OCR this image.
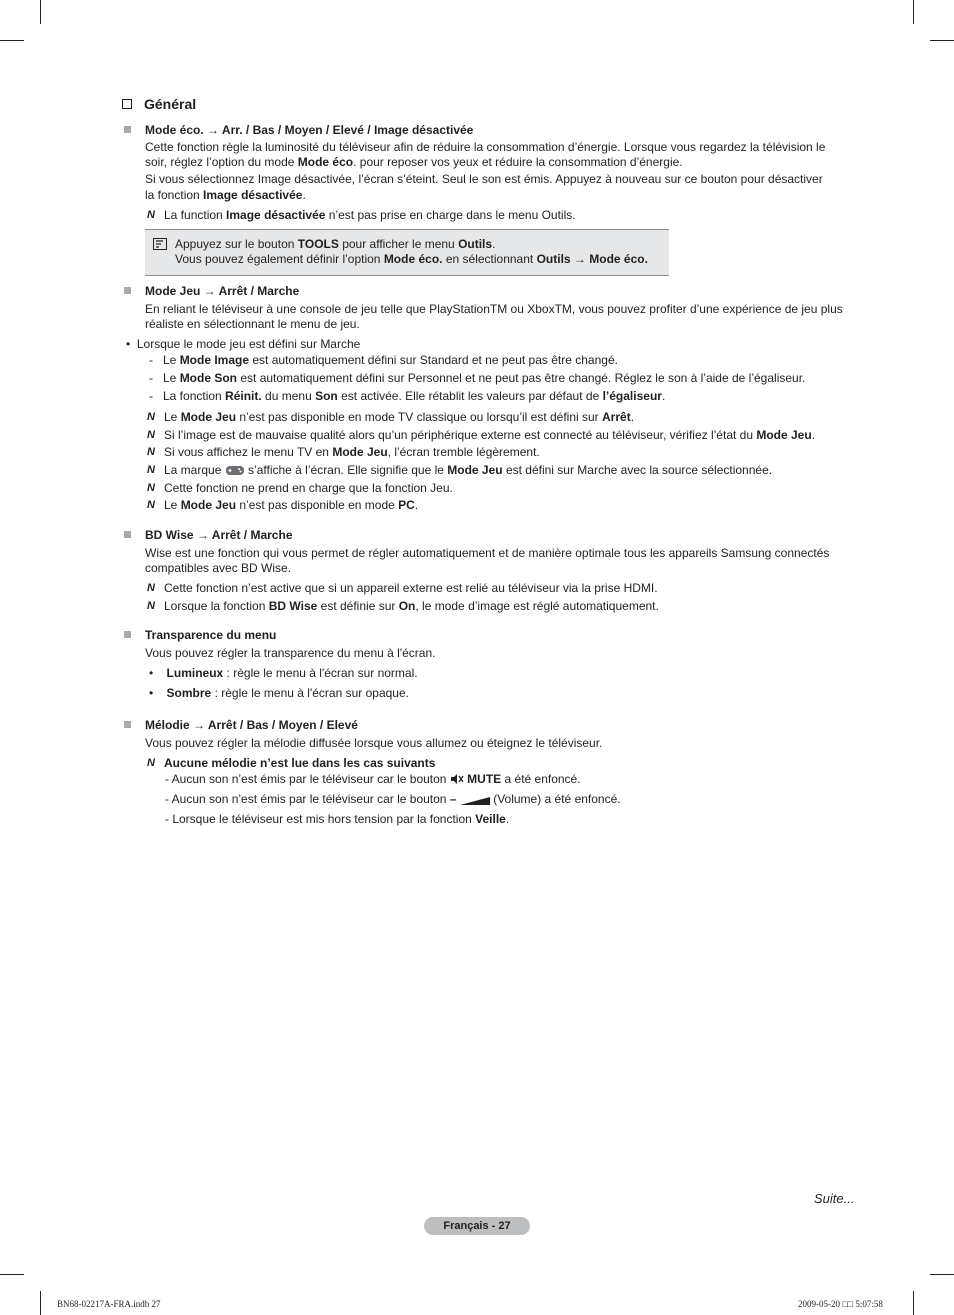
Général
Mode éco. → Arr. / Bas / Moyen / Elevé / Image désactivée
Cette fonction règle la luminosité du téléviseur afin de réduire la consommation d’énergie. Lorsque vous regardez la télévision le
soir, réglez l’option du mode Mode éco. pour reposer vos yeux et réduire la consommation d’énergie.
Si vous sélectionnez Image désactivée, l’écran s’éteint. Seul le son est émis. Appuyez à nouveau sur ce bouton pour désactiver
la fonction Image désactivée.
N La function Image désactivée n’est pas prise en charge dans le menu Outils.
Appuyez sur le bouton TOOLS pour afficher le menu Outils.
Vous pouvez également définir l’option Mode éco. en sélectionnant Outils → Mode éco.
Mode Jeu → Arrêt / Marche
En reliant le téléviseur à une console de jeu telle que PlayStationTM ou XboxTM, vous pouvez profiter d’une expérience de jeu plus
réaliste en sélectionnant le menu de jeu.
• Lorsque le mode jeu est défini sur Marche
-   Le Mode Image est automatiquement défini sur Standard et ne peut pas être changé.
-   Le Mode Son est automatiquement défini sur Personnel et ne peut pas être changé. Réglez le son à l’aide de l’égaliseur.
-   La fonction Réinit. du menu Son est activée. Elle rétablit les valeurs par défaut de l’égaliseur.
N Le Mode Jeu n’est pas disponible en mode TV classique ou lorsqu’il est défini sur Arrêt.
N Si l’image est de mauvaise qualité alors qu’un périphérique externe est connecté au téléviseur, vérifiez l’état du Mode Jeu.
N Si vous affichez le menu TV en Mode Jeu, l’écran tremble légèrement.
N La marque  s’affiche à l’écran. Elle signifie que le Mode Jeu est défini sur Marche avec la source sélectionnée.
N Cette fonction ne prend en charge que la fonction Jeu.
N Le Mode Jeu n’est pas disponible en mode PC.
BD Wise → Arrêt / Marche
Wise est une fonction qui vous permet de régler automatiquement et de manière optimale tous les appareils Samsung connectés
compatibles avec BD Wise.
N Cette fonction n’est active que si un appareil externe est relié au téléviseur via la prise HDMI.
N Lorsque la fonction BD Wise est définie sur On, le mode d’image est réglé automatiquement.
Transparence du menu
Vous pouvez régler la transparence du menu à l'écran.
• Lumineux : règle le menu à l'écran sur normal.
• Sombre : règle le menu à l'écran sur opaque.
Mélodie → Arrêt / Bas / Moyen / Elevé
Vous pouvez régler la mélodie diffusée lorsque vous allumez ou éteignez le téléviseur.
N Aucune mélodie n’est lue dans les cas suivants
- Aucun son n’est émis par le téléviseur car le bouton  MUTE a été enfoncé.
- Aucun son n’est émis par le téléviseur car le bouton –	(Volume) a été enfoncé.
- Lorsque le téléviseur est mis hors tension par la fonction Veille.
Suite...
Français - 27
BN68-02217A-FRA.indb 27	2009-05-20 □□ 5:07:58
